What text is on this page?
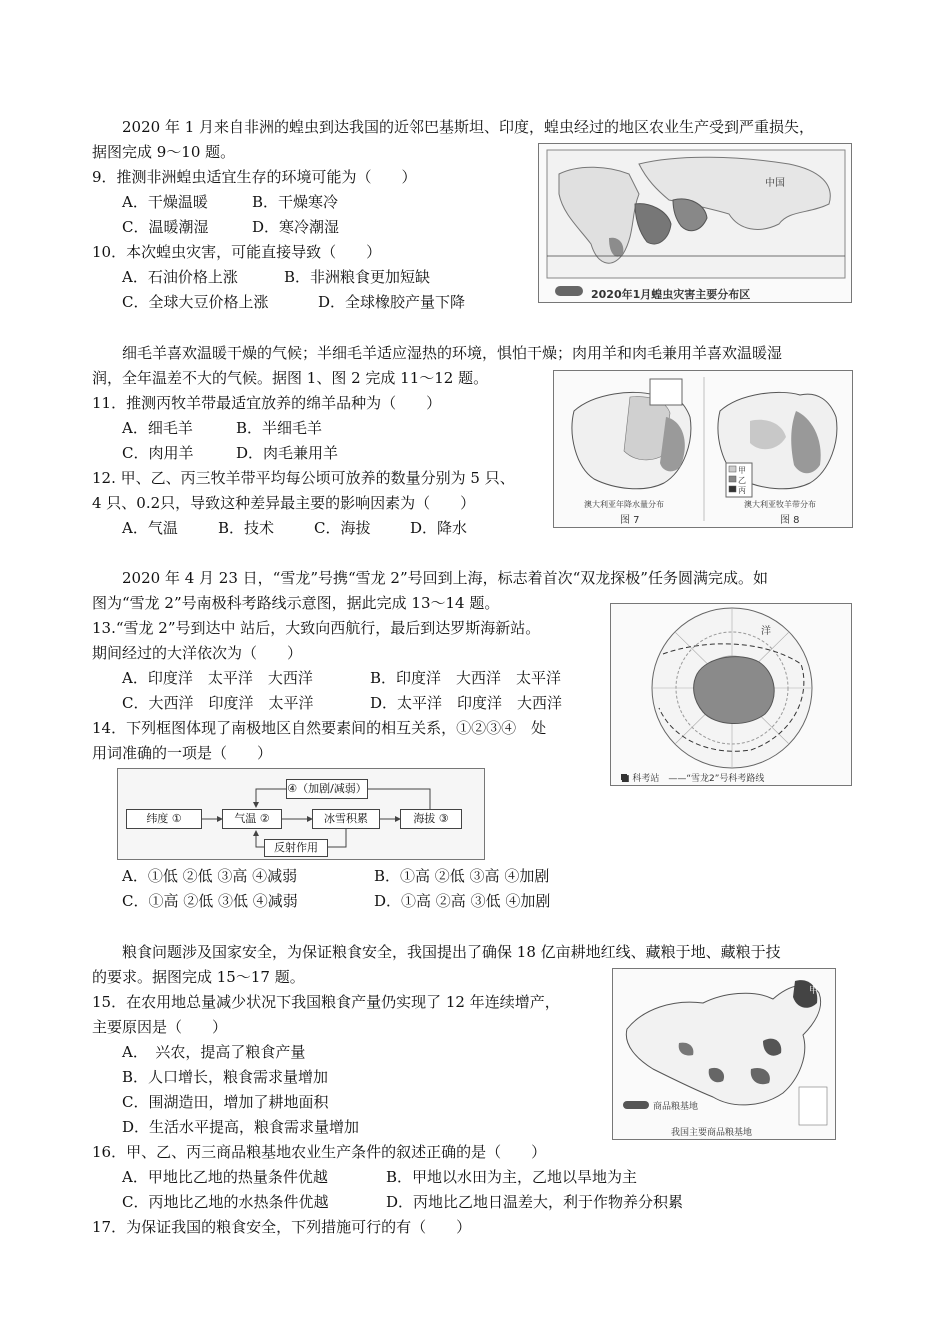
2020 年 1 月来自非洲的蝗虫到达我国的近邻巴基斯坦、印度，蝗虫经过的地区农业生产受到严重损失，
据图完成 9～10 题。
9．推测非洲蝗虫适宜生存的环境可能为（　　）
A．干燥温暖	B．干燥寒冷
C．温暖潮湿	D．寒冷潮湿
10．本次蝗虫灾害，可能直接导致（　　）
A．石油价格上涨	B．非洲粮食更加短缺
C．全球大豆价格上涨	D．全球橡胶产量下降
中国
2020年1月蝗虫灾害主要分布区
细毛羊喜欢温暖干燥的气候；半细毛羊适应湿热的环境，惧怕干燥；肉用羊和肉毛兼用羊喜欢温暖湿
润，全年温差不大的气候。据图 1、图 2 完成 11～12 题。
11．推测丙牧羊带最适宜放养的绵羊品种为（　　）
A．细毛羊	B．半细毛羊
C．肉用羊	D．肉毛兼用羊
12. 甲、乙、丙三牧羊带平均每公顷可放养的数量分别为 5 只、
4 只、0.2只，导致这种差异最主要的影响因素为（　　）
A．气温	B．技术	C．海拔	D．降水
甲
乙
丙
澳大利亚年降水量分布
图 7
澳大利亚牧羊带分布
图 8
2020 年 4 月 23 日，“雪龙”号携“雪龙 2”号回到上海，标志着首次“双龙探极”任务圆满完成。如
图为“雪龙 2”号南极科考路线示意图，据此完成 13～14 题。
13.“雪龙 2”号到达中 站后，大致向西航行，最后到达罗斯海新站。
期间经过的大洋依次为（　　）
A．印度洋　太平洋　大西洋	B．印度洋　大西洋　太平洋
C．大西洋　印度洋　太平洋	D．太平洋　印度洋　大西洋
14．下列框图体现了南极地区自然要素间的相互关系，①②③④　处
用词准确的一项是（　　）
洋
■ 科考站　——“雪龙2”号科考路线
④（加剧/减弱）
纬度 ①	气温 ②	冰雪积累	海拔 ③
反射作用
A．①低 ②低 ③高 ④减弱	B．①高 ②低 ③高 ④加剧
C．①高 ②低 ③低 ④减弱	D．①高 ②高 ③低 ④加剧
粮食问题涉及国家安全，为保证粮食安全，我国提出了确保 18 亿亩耕地红线、藏粮于地、藏粮于技
的要求。据图完成 15～17 题。
15．在农用地总量减少状况下我国粮食产量仍实现了 12 年连续增产，
主要原因是（　　）
A．　兴农，提高了粮食产量
B．人口增长，粮食需求量增加
C．围湖造田，增加了耕地面积
D．生活水平提高，粮食需求量增加
16．甲、乙、丙三商品粮基地农业生产条件的叙述正确的是（　　）
A．甲地比乙地的热量条件优越	B．甲地以水田为主，乙地以旱地为主
C．丙地比乙地的水热条件优越	D．丙地比乙地日温差大，利于作物养分积累
17．为保证我国的粮食安全，下列措施可行的有（　　）
甲
商品粮基地
我国主要商品粮基地
